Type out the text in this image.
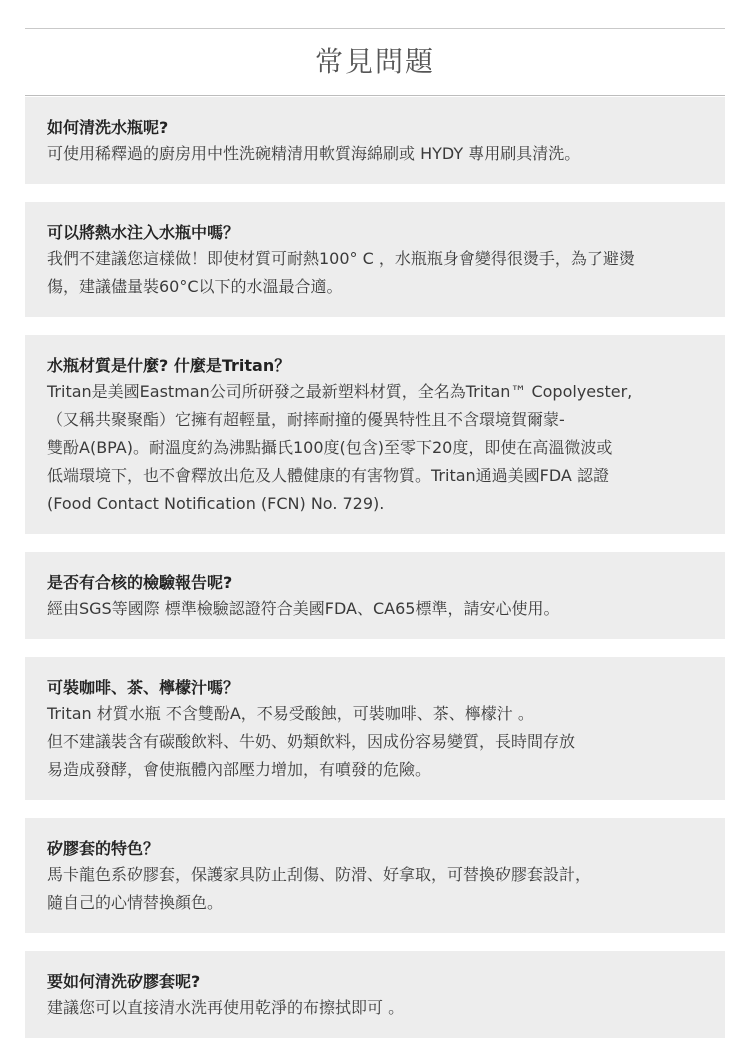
常見問題

如何清洗水瓶呢?

可使用稀釋過的廚房用中性洗碗精清用軟質海綿刷或 HYDY 專用刷具清洗。

可以將熱水注入水瓶中嗎？

我們不建議您這樣做！即使材質可耐熱100° C ，水瓶瓶身會變得很燙手，為了避燙
傷，建議儘量裝60°C以下的水溫最合適。

水瓶材質是什麼? 什麼是Tritan？

Tritan是美國Eastman公司所研發之最新塑料材質，全名為Tritan™ Copolyester,
（又稱共聚聚酯）它擁有超輕量，耐摔耐撞的優異特性且不含環境賀爾蒙-
雙酚A(BPA)。耐溫度約為沸點攝氏100度(包含)至零下20度，即使在高溫微波或
低端環境下，也不會釋放出危及人體健康的有害物質。Tritan通過美國FDA 認證
(Food Contact Notification (FCN) No. 729).

是否有合核的檢驗報告呢?

經由SGS等國際 標準檢驗認證符合美國FDA、CA65標準，請安心使用。

可裝咖啡、茶、檸檬汁嗎？

Tritan 材質水瓶 不含雙酚A，不易受酸蝕，可裝咖啡、茶、檸檬汁 。
但不建議裝含有碳酸飲料、牛奶、奶類飲料，因成份容易變質，長時間存放
易造成發酵，會使瓶體內部壓力增加，有噴發的危險。

矽膠套的特色？

馬卡龍色系矽膠套，保護家具防止刮傷、防滑、好拿取，可替換矽膠套設計，
隨自己的心情替換顏色。

要如何清洗矽膠套呢?

建議您可以直接清水洗再使用乾淨的布擦拭即可 。
